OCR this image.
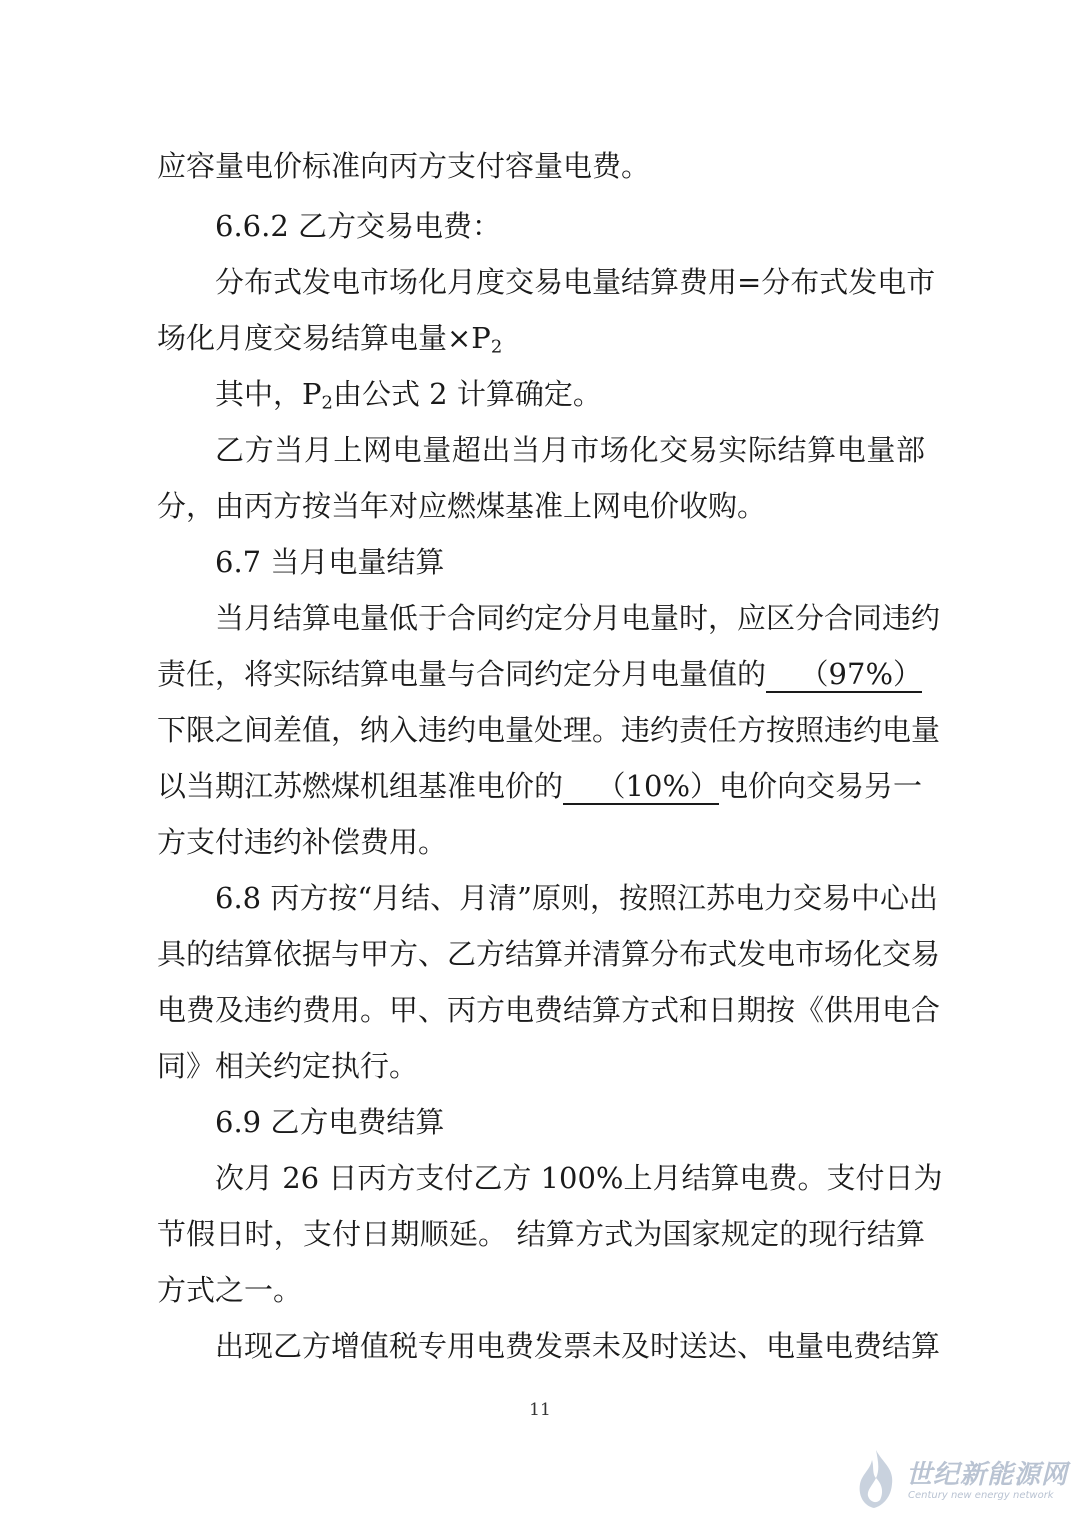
应容量电价标准向丙方支付容量电费。
6.6.2 乙方交易电费：
分布式发电市场化月度交易电量结算费用=分布式发电市
场化月度交易结算电量$\times P_2$
其中，$P_2$由公式 2 计算确定。
乙方当月上网电量超出当月市场化交易实际结算电量部
分，由丙方按当年对应燃煤基准上网电价收购。
6.7 当月电量结算
当月结算电量低于合同约定分月电量时，应区分合同违约
责任，将实际结算电量与合同约定分月电量值的 （97%）
下限之间差值，纳入违约电量处理。违约责任方按照违约电量
以当期江苏燃煤机组基准电价的 （10%）电价向交易另一
方支付违约补偿费用。
6.8 丙方按“月结、月清”原则，按照江苏电力交易中心出
具的结算依据与甲方、乙方结算并清算分布式发电市场化交易
电费及违约费用。甲、丙方电费结算方式和日期按《供用电合
同》相关约定执行。
6.9 乙方电费结算
次月 26 日丙方支付乙方 100%上月结算电费。支付日为
节假日时，支付日期顺延。 结算方式为国家规定的现行结算
方式之一。
出现乙方增值税专用电费发票未及时送达、电量电费结算
11
世纪新能源网
Century new energy network
